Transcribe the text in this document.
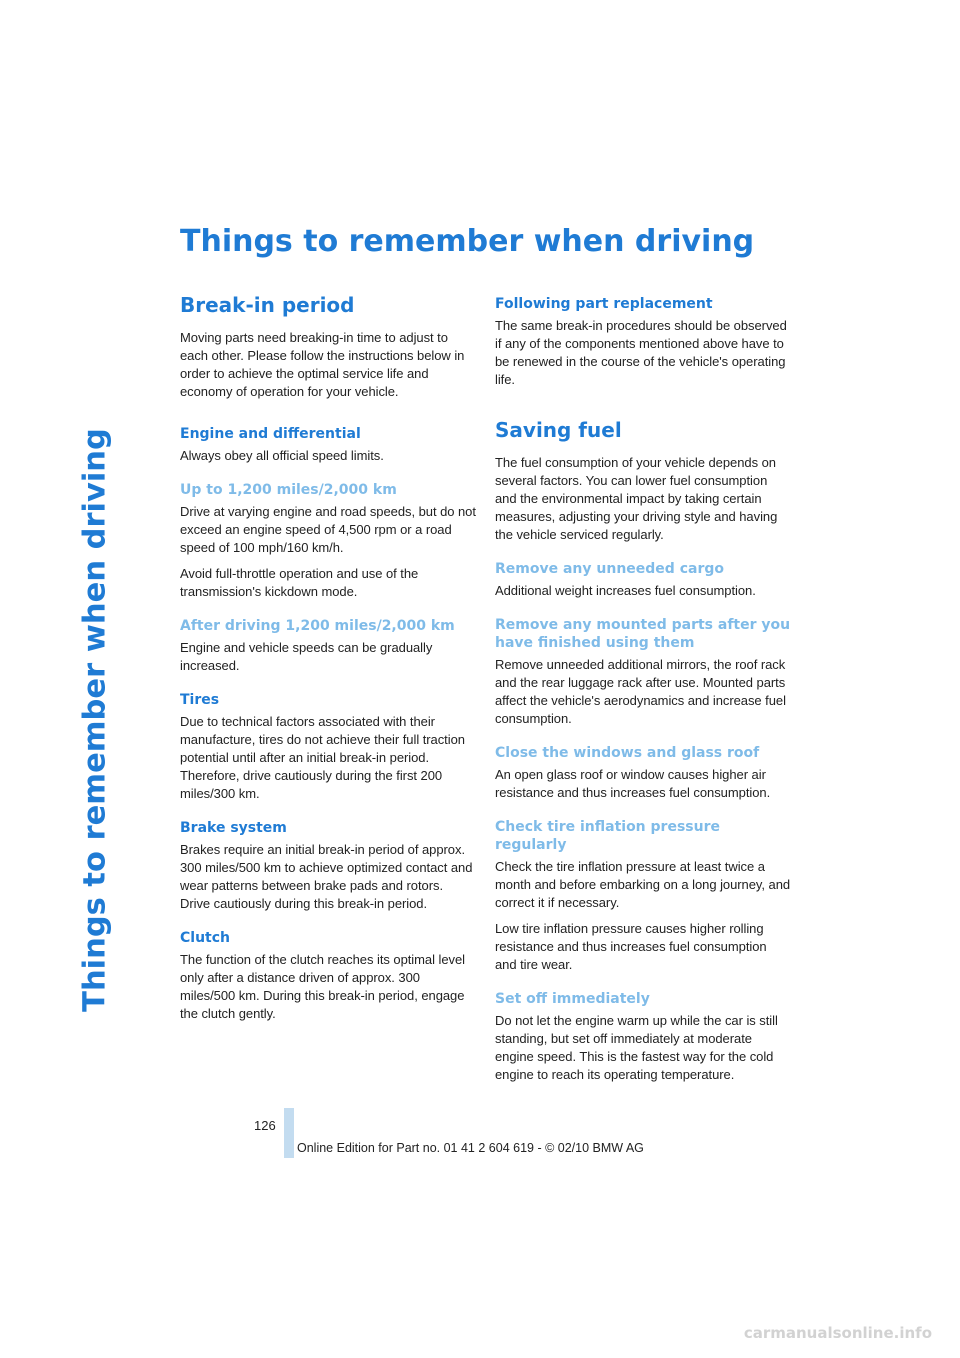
Things to remember when driving
Things to remember when driving
Break-in period

Moving parts need breaking-in time to adjust to each other. Please follow the instructions below in order to achieve the optimal service life and economy of operation for your vehicle.

Engine and differential

Always obey all official speed limits.

Up to 1,200 miles/2,000 km

Drive at varying engine and road speeds, but do not exceed an engine speed of 4,500 rpm or a road speed of 100 mph/160 km/h.

Avoid full-throttle operation and use of the transmission's kickdown mode.

After driving 1,200 miles/2,000 km

Engine and vehicle speeds can be gradually increased.

Tires

Due to technical factors associated with their manufacture, tires do not achieve their full traction potential until after an initial break-in period. Therefore, drive cautiously during the first 200 miles/300 km.

Brake system

Brakes require an initial break-in period of approx. 300 miles/500 km to achieve optimized contact and wear patterns between brake pads and rotors. Drive cautiously during this break-in period.

Clutch

The function of the clutch reaches its optimal level only after a distance driven of approx. 300 miles/500 km. During this break-in period, engage the clutch gently.

Following part replacement

The same break-in procedures should be observed if any of the components mentioned above have to be renewed in the course of the vehicle's operating life.

Saving fuel

The fuel consumption of your vehicle depends on several factors. You can lower fuel consumption and the environmental impact by taking certain measures, adjusting your driving style and having the vehicle serviced regularly.

Remove any unneeded cargo

Additional weight increases fuel consumption.

Remove any mounted parts after you have finished using them

Remove unneeded additional mirrors, the roof rack and the rear luggage rack after use. Mounted parts affect the vehicle's aerodynamics and increase fuel consumption.

Close the windows and glass roof

An open glass roof or window causes higher air resistance and thus increases fuel consumption.

Check tire inflation pressure regularly

Check the tire inflation pressure at least twice a month and before embarking on a long journey, and correct it if necessary.

Low tire inflation pressure causes higher rolling resistance and thus increases fuel consumption and tire wear.

Set off immediately

Do not let the engine warm up while the car is still standing, but set off immediately at moderate engine speed. This is the fastest way for the cold engine to reach its operating temperature.

126
Online Edition for Part no. 01 41 2 604 619 - © 02/10 BMW AG
carmanualsonline.info
